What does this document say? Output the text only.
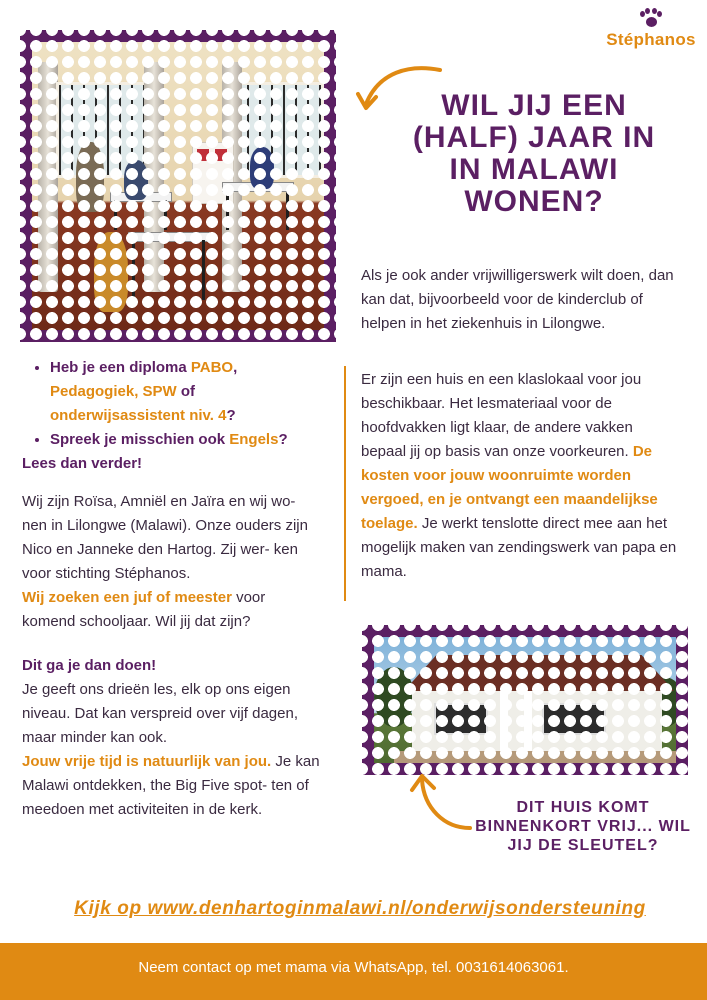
Stéphanos
WIL JIJ EEN (HALF) JAAR IN IN MALAWI WONEN?

Als je ook ander vrijwilligerswerk wilt doen, dan kan dat, bijvoorbeeld voor de kinderclub of helpen in het ziekenhuis in Lilongwe.

Er zijn een huis en een klaslokaal voor jou beschikbaar. Het lesmateriaal voor de hoofdvakken ligt klaar, de andere vakken bepaal jij op basis van onze voorkeuren. De kosten voor jouw woonruimte worden vergoed, en je ontvangt een maandelijkse toelage. Je werkt tenslotte direct mee aan het mogelijk maken van zendingswerk van papa en mama.

• Heb je een diploma PABO, Pedagogiek, SPW of onderwijsassistent niv. 4?
• Spreek je misschien ook Engels?

Lees dan verder!

Wij zijn Roïsa, Amniël en Jaïra en wij wo- nen in Lilongwe (Malawi). Onze ouders zijn Nico en Janneke den Hartog. Zij wer- ken voor stichting Stéphanos.
Wij zoeken een juf of meester voor komend schooljaar. Wil jij dat zijn?

Dit ga je dan doen!

Je geeft ons drieën les, elk op ons eigen niveau. Dat kan verspreid over vijf dagen, maar minder kan ook.
Jouw vrije tijd is natuurlijk van jou. Je kan Malawi ontdekken, the Big Five spot- ten of meedoen met activiteiten in de kerk.	DIT HUIS KOMT BINNENKORT VRIJ... WIL JIJ DE SLEUTEL?
Kijk op www.denhartoginmalawi.nl/onderwijsondersteuning
Neem contact op met mama via WhatsApp, tel. 0031614063061.
